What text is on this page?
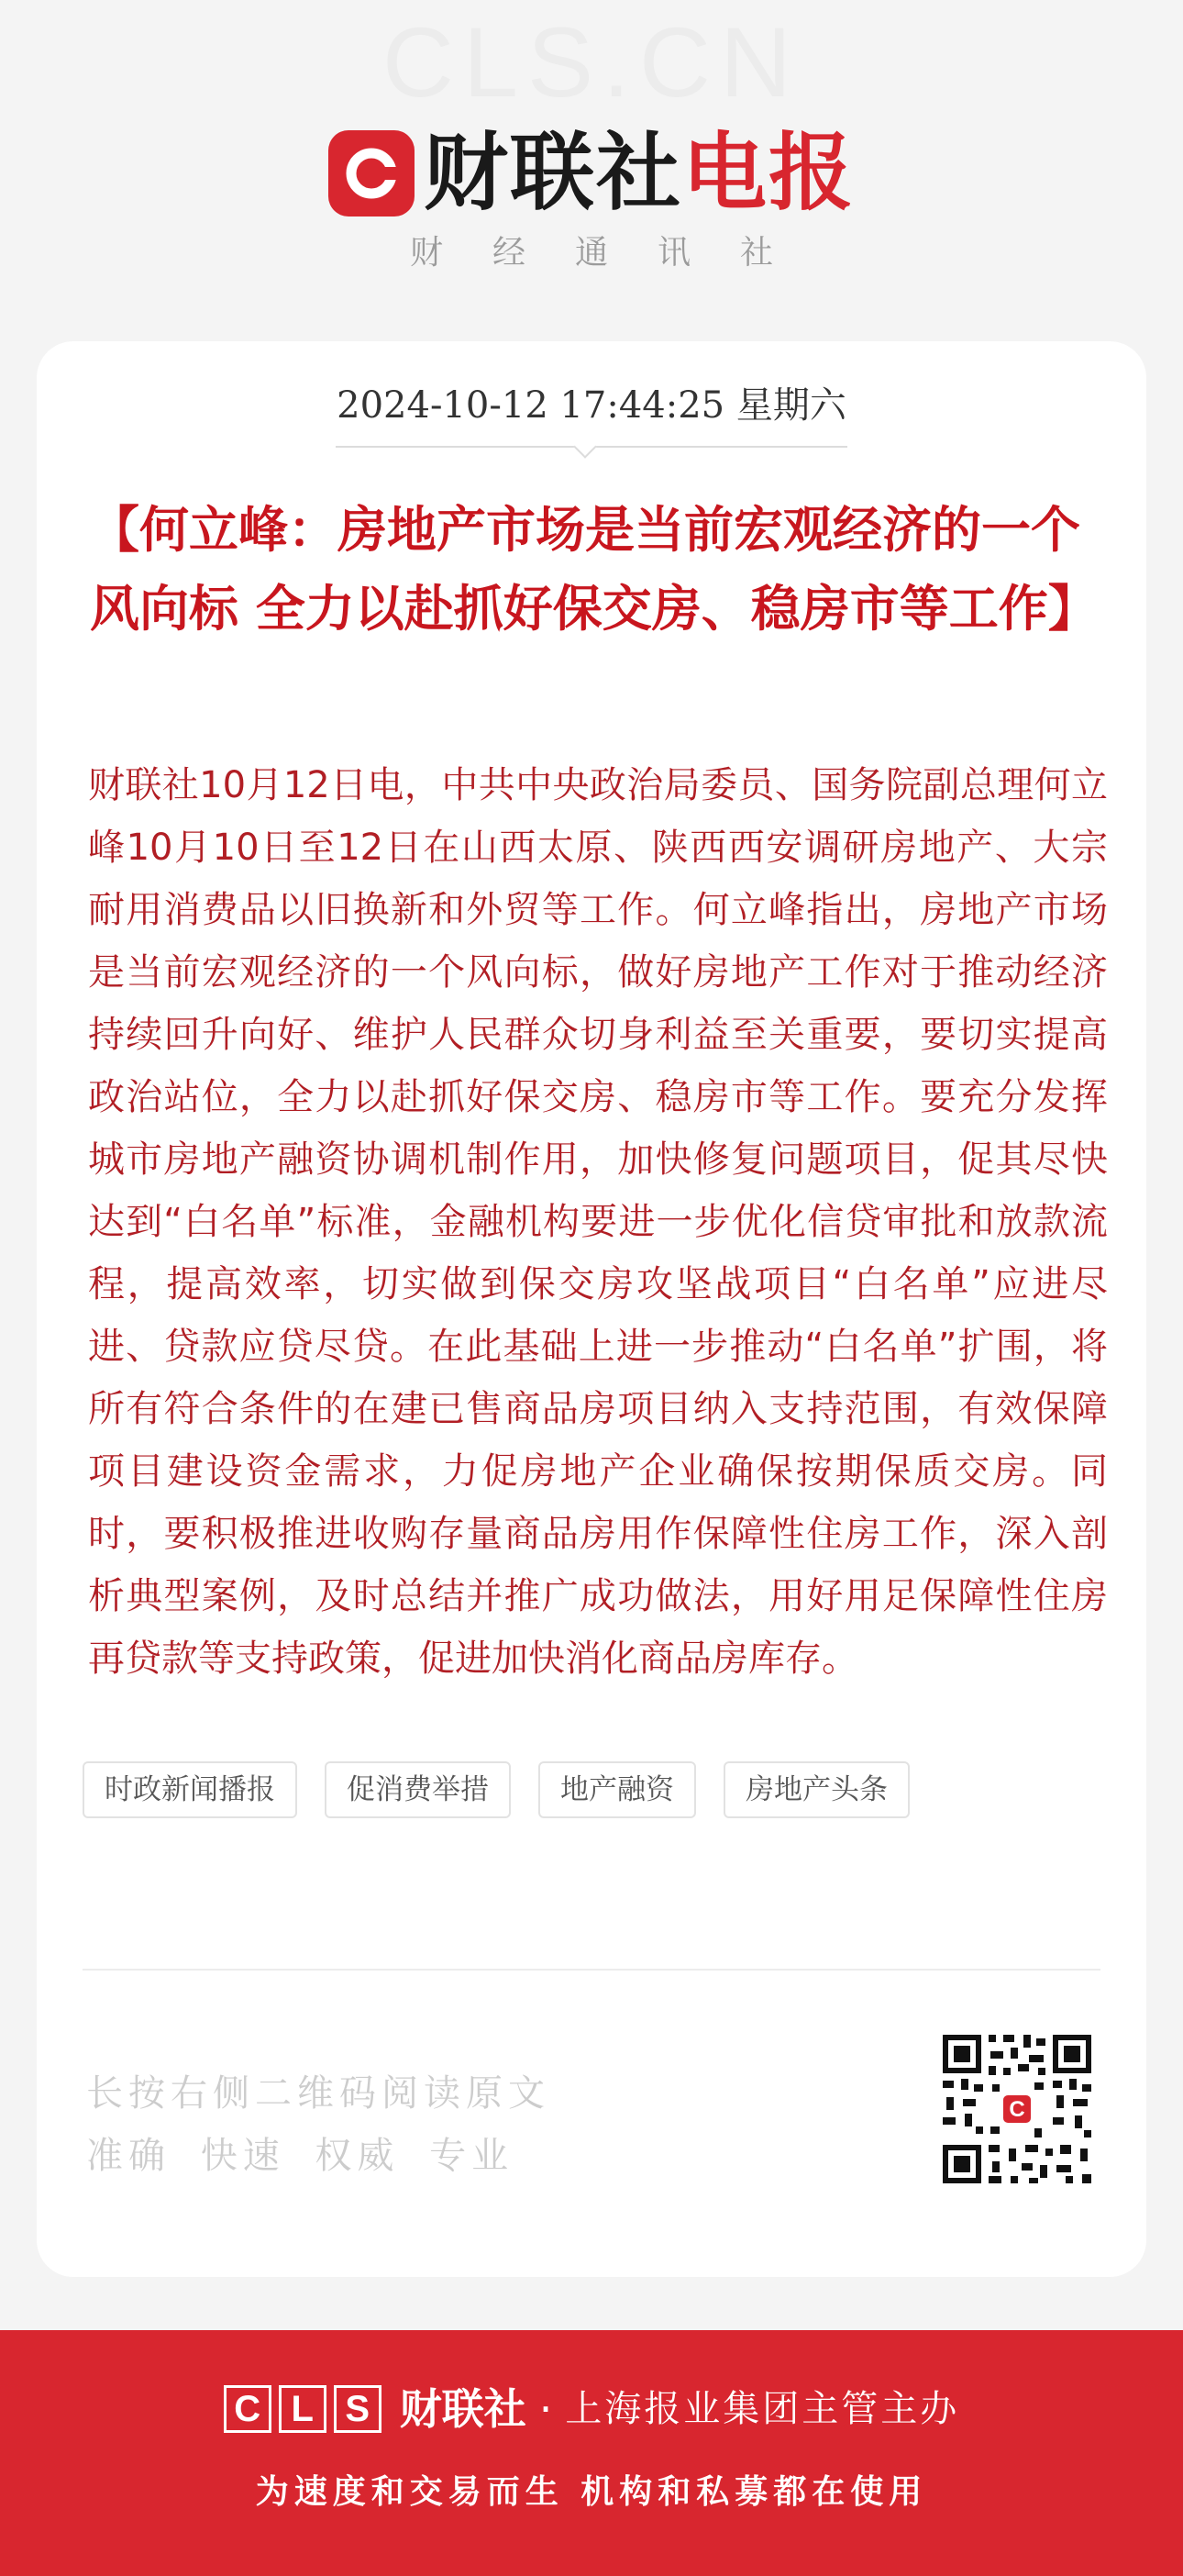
CLS.CN
财联社 电报
财经通讯社
2024-10-12 17:44:25 星期六
【何立峰：房地产市场是当前宏观经济的一个风向标 全力以赴抓好保交房、稳房市等工作】

财联社10月12日电，中共中央政治局委员、国务院副总理何立峰10月10日至12日在山西太原、陕西西安调研房地产、大宗耐用消费品以旧换新和外贸等工作。何立峰指出，房地产市场是当前宏观经济的一个风向标，做好房地产工作对于推动经济持续回升向好、维护人民群众切身利益至关重要，要切实提高政治站位，全力以赴抓好保交房、稳房市等工作。要充分发挥城市房地产融资协调机制作用，加快修复问题项目，促其尽快达到“白名单”标准，金融机构要进一步优化信贷审批和放款流程，提高效率，切实做到保交房攻坚战项目“白名单”应进尽进、贷款应贷尽贷。在此基础上进一步推动“白名单”扩围，将所有符合条件的在建已售商品房项目纳入支持范围，有效保障项目建设资金需求，力促房地产企业确保按期保质交房。同时，要积极推进收购存量商品房用作保障性住房工作，深入剖析典型案例，及时总结并推广成功做法，用好用足保障性住房再贷款等支持政策，促进加快消化商品房库存。

时政新闻播报	促消费举措	地产融资	房地产头条
长按右侧二维码阅读原文
准确 快速 权威 专业
C
C L S 财联社 · 上海报业集团主管主办
为速度和交易而生 机构和私募都在使用
